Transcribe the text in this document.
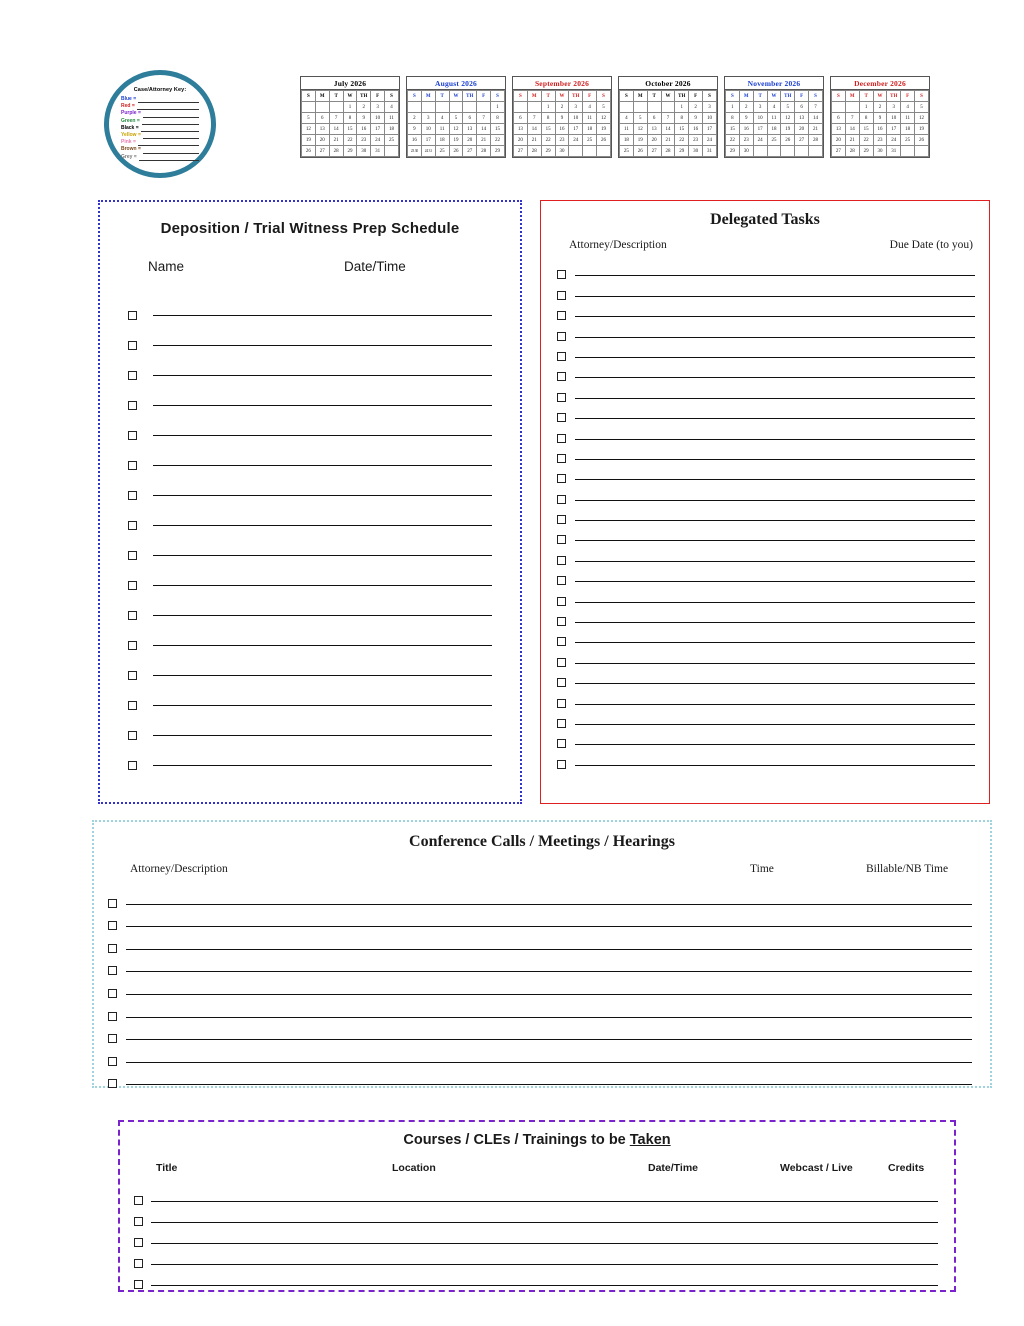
Case/Attorney Key:
Blue =
Red =
Purple =
Green =
Black =
Yellow =
Pink =
Brown =
Grey =
July 2026
S	M	T	W	TH	F	S
			1	2	3	4
5	6	7	8	9	10	11
12	13	14	15	16	17	18
19	20	21	22	23	24	25
26	27	28	29	30	31	
August 2026
S	M	T	W	TH	F	S
						1
2	3	4	5	6	7	8
9	10	11	12	13	14	15
16	17	18	19	20	21	22
23 30	24 31	25	26	27	28	29
September 2026
S	M	T	W	TH	F	S
		1	2	3	4	5
6	7	8	9	10	11	12
13	14	15	16	17	18	19
20	21	22	23	24	25	26
27	28	29	30			
October 2026
S	M	T	W	TH	F	S
				1	2	3
4	5	6	7	8	9	10
11	12	13	14	15	16	17
18	19	20	21	22	23	24
25	26	27	28	29	30	31
November 2026
S	M	T	W	TH	F	S
1	2	3	4	5	6	7
8	9	10	11	12	13	14
15	16	17	18	19	20	21
22	23	24	25	26	27	28
29	30					
December 2026
S	M	T	W	TH	F	S
		1	2	3	4	5
6	7	8	9	10	11	12
13	14	15	16	17	18	19
20	21	22	23	24	25	26
27	28	29	30	31		
Deposition / Trial Witness Prep Schedule
Name	Date/Time
Delegated Tasks
Attorney/Description	Due Date (to you)
Conference Calls / Meetings / Hearings
Attorney/Description	Time	Billable/NB Time
Courses / CLEs / Trainings to be Taken
Title	Location	Date/Time	Webcast / Live	Credits
